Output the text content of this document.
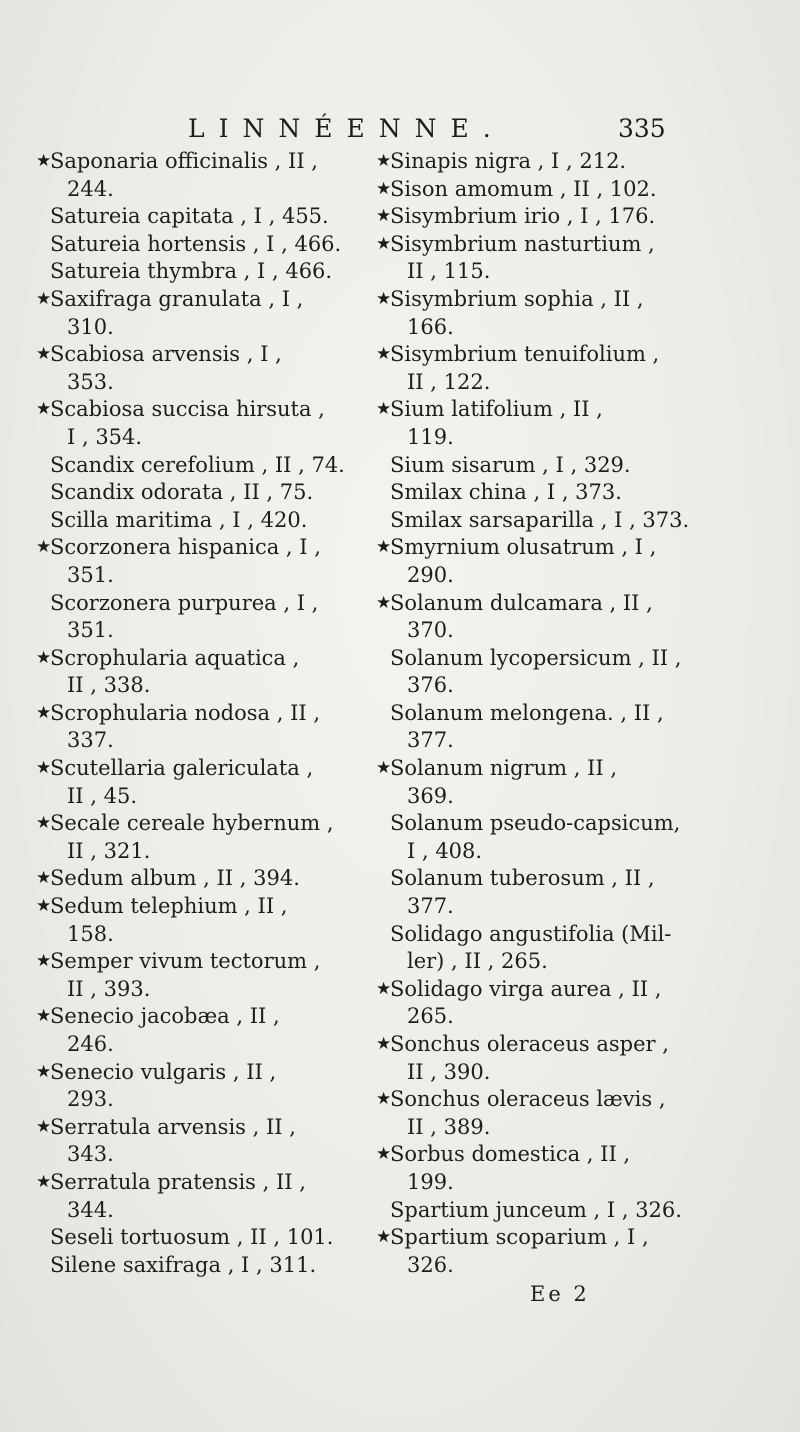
LINNÉENNE.	335
★Saponaria officinalis , II ,
244.
Satureia capitata , I , 455.
Satureia hortensis , I , 466.
Satureia thymbra , I , 466.
★Saxifraga granulata , I ,
310.
★Scabiosa arvensis , I ,
353.
★Scabiosa succisa hirsuta ,
I , 354.
Scandix cerefolium , II , 74.
Scandix odorata , II , 75.
Scilla maritima , I , 420.
★Scorzonera hispanica , I ,
351.
Scorzonera purpurea , I ,
351.
★Scrophularia aquatica ,
II , 338.
★Scrophularia nodosa , II ,
337.
★Scutellaria galericulata ,
II , 45.
★Secale cereale hybernum ,
II , 321.
★Sedum album , II , 394.
★Sedum telephium , II ,
158.
★Semper vivum tectorum ,
II , 393.
★Senecio jacobæa , II ,
246.
★Senecio vulgaris , II ,
293.
★Serratula arvensis , II ,
343.
★Serratula pratensis , II ,
344.
Seseli tortuosum , II , 101.
Silene saxifraga , I , 311.
★Sinapis nigra , I , 212.
★Sison amomum , II , 102.
★Sisymbrium irio , I , 176.
★Sisymbrium nasturtium ,
II , 115.
★Sisymbrium sophia , II ,
166.
★Sisymbrium tenuifolium ,
II , 122.
★Sium latifolium , II ,
119.
Sium sisarum , I , 329.
Smilax china , I , 373.
Smilax sarsaparilla , I , 373.
★Smyrnium olusatrum , I ,
290.
★Solanum dulcamara , II ,
370.
Solanum lycopersicum , II ,
376.
Solanum melongena. , II ,
377.
★Solanum nigrum , II ,
369.
Solanum pseudo-capsicum,
I , 408.
Solanum tuberosum , II ,
377.
Solidago angustifolia (Mil-
ler) , II , 265.
★Solidago virga aurea , II ,
265.
★Sonchus oleraceus asper ,
II , 390.
★Sonchus oleraceus lævis ,
II , 389.
★Sorbus domestica , II ,
199.
Spartium junceum , I , 326.
★Spartium scoparium , I ,
326.
Ee 2
